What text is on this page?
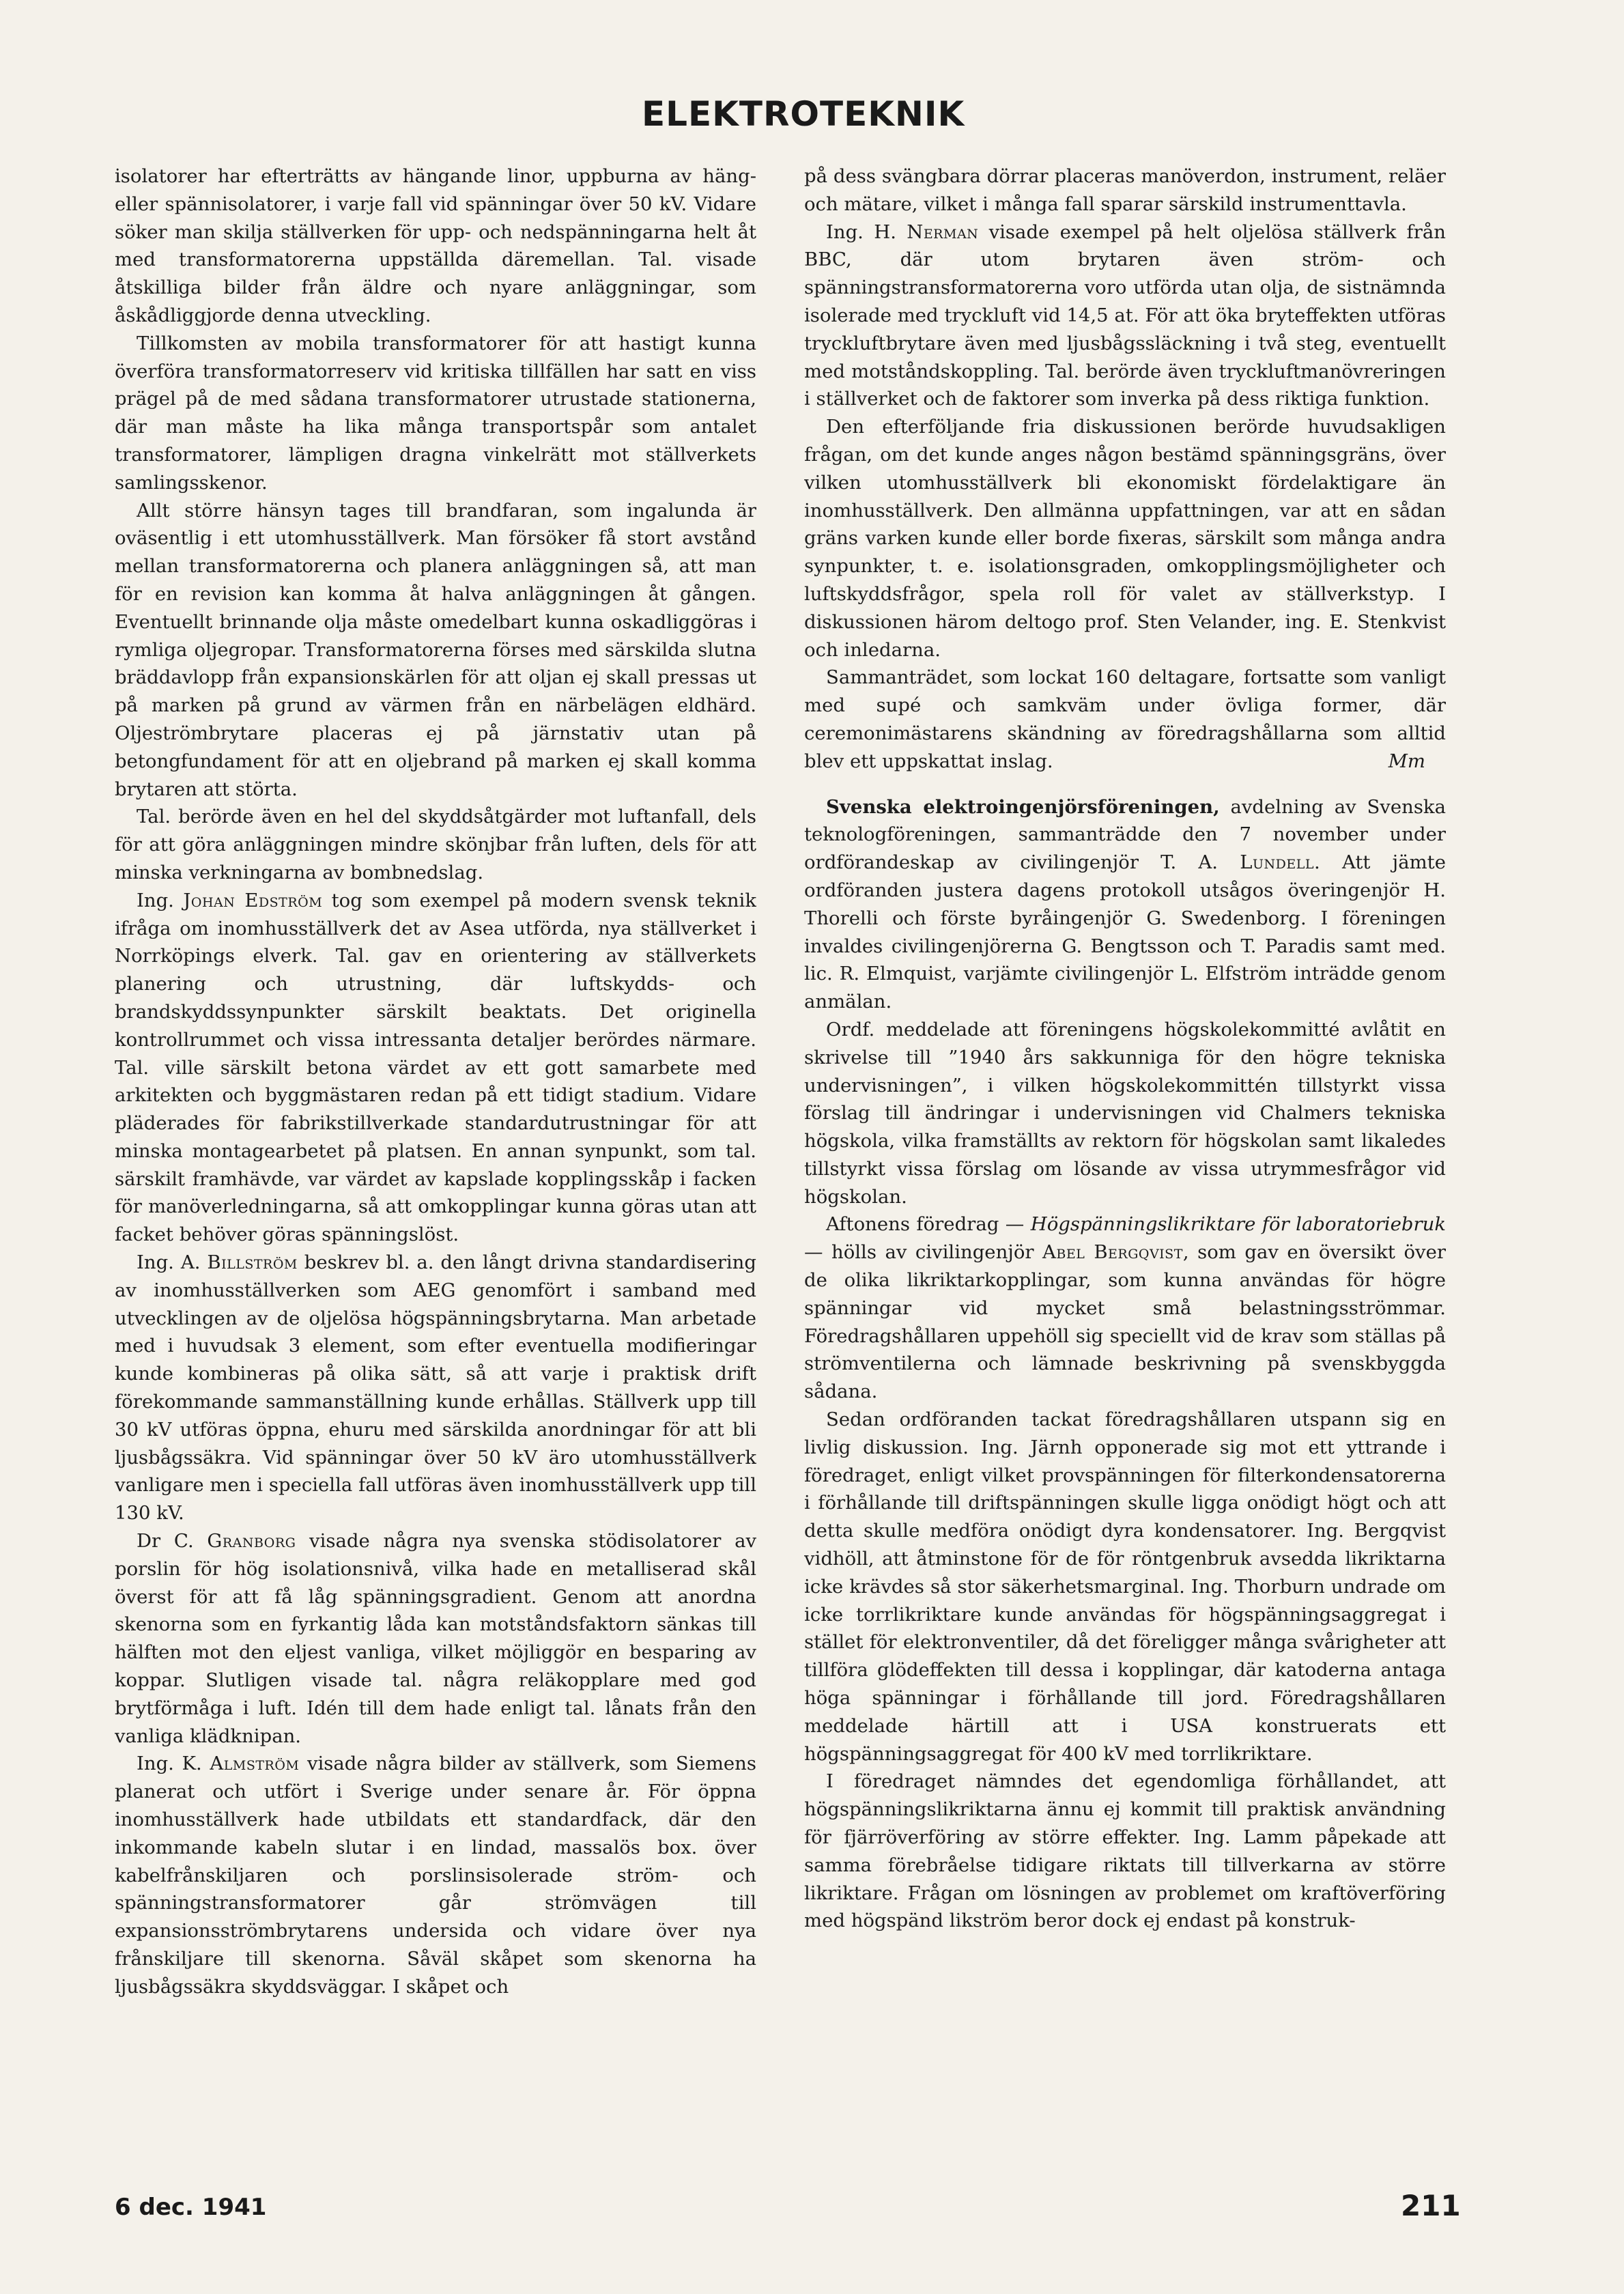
ELEKTROTEKNIK

isolatorer har efterträtts av hängande linor, uppburna av häng- eller spännisolatorer, i varje fall vid spänningar över 50 kV. Vidare söker man skilja ställverken för upp- och nedspänningarna helt åt med transformatorerna uppställda däremellan. Tal. visade åtskilliga bilder från äldre och nyare anläggningar, som åskådliggjorde denna utveckling.

Tillkomsten av mobila transformatorer för att hastigt kunna överföra transformatorreserv vid kritiska tillfällen har satt en viss prägel på de med sådana transformatorer utrustade stationerna, där man måste ha lika många transportspår som antalet transformatorer, lämpligen dragna vinkelrätt mot ställverkets samlingsskenor.

Allt större hänsyn tages till brandfaran, som ingalunda är oväsentlig i ett utomhusställverk. Man försöker få stort avstånd mellan transformatorerna och planera anläggningen så, att man för en revision kan komma åt halva anläggningen åt gången. Eventuellt brinnande olja måste omedelbart kunna oskadliggöras i rymliga oljegropar. Transformatorerna förses med särskilda slutna bräddavlopp från expansionskärlen för att oljan ej skall pressas ut på marken på grund av värmen från en närbelägen eldhärd. Oljeströmbrytare placeras ej på järnstativ utan på betongfundament för att en oljebrand på marken ej skall komma brytaren att störta.

Tal. berörde även en hel del skyddsåtgärder mot luftanfall, dels för att göra anläggningen mindre skönjbar från luften, dels för att minska verkningarna av bombnedslag.

Ing. Johan Edström tog som exempel på modern svensk teknik ifråga om inomhusställverk det av Asea utförda, nya ställverket i Norrköpings elverk. Tal. gav en orientering av ställverkets planering och utrustning, där luftskydds- och brandskyddssynpunkter särskilt beaktats. Det originella kontrollrummet och vissa intressanta detaljer berördes närmare. Tal. ville särskilt betona värdet av ett gott samarbete med arkitekten och byggmästaren redan på ett tidigt stadium. Vidare pläderades för fabrikstillverkade standardutrustningar för att minska montagearbetet på platsen. En annan synpunkt, som tal. särskilt framhävde, var värdet av kapslade kopplingsskåp i facken för manöverledningarna, så att omkopplingar kunna göras utan att facket behöver göras spänningslöst.

Ing. A. Billström beskrev bl. a. den långt drivna standardisering av inomhusställverken som AEG genomfört i samband med utvecklingen av de oljelösa högspänningsbrytarna. Man arbetade med i huvudsak 3 element, som efter eventuella modifieringar kunde kombineras på olika sätt, så att varje i praktisk drift förekommande sammanställning kunde erhållas. Ställverk upp till 30 kV utföras öppna, ehuru med särskilda anordningar för att bli ljusbågssäkra. Vid spänningar över 50 kV äro utomhusställverk vanligare men i speciella fall utföras även inomhusställverk upp till 130 kV.

Dr C. Granborg visade några nya svenska stödisolatorer av porslin för hög isolationsnivå, vilka hade en metalliserad skål överst för att få låg spänningsgradient. Genom att anordna skenorna som en fyrkantig låda kan motståndsfaktorn sänkas till hälften mot den eljest vanliga, vilket möjliggör en besparing av koppar. Slutligen visade tal. några reläkopplare med god brytförmåga i luft. Idén till dem hade enligt tal. lånats från den vanliga klädknipan.

Ing. K. Almström visade några bilder av ställverk, som Siemens planerat och utfört i Sverige under senare år. För öppna inomhusställverk hade utbildats ett standardfack, där den inkommande kabeln slutar i en lindad, massalös box. över kabelfrånskiljaren och porslinsisolerade ström- och spänningstransformatorer går strömvägen till expansionsströmbrytarens undersida och vidare över nya frånskiljare till skenorna. Såväl skåpet som skenorna ha ljusbågssäkra skyddsväggar. I skåpet och

på dess svängbara dörrar placeras manöverdon, instrument, reläer och mätare, vilket i många fall sparar särskild instrumenttavla.

Ing. H. Nerman visade exempel på helt oljelösa ställverk från BBC, där utom brytaren även ström- och spänningstransformatorerna voro utförda utan olja, de sistnämnda isolerade med tryckluft vid 14,5 at. För att öka bryteffekten utföras tryckluftbrytare även med ljusbågssläckning i två steg, eventuellt med motståndskoppling. Tal. berörde även tryckluftmanövreringen i ställverket och de faktorer som inverka på dess riktiga funktion.

Den efterföljande fria diskussionen berörde huvudsakligen frågan, om det kunde anges någon bestämd spänningsgräns, över vilken utomhusställverk bli ekonomiskt fördelaktigare än inomhusställverk. Den allmänna uppfattningen, var att en sådan gräns varken kunde eller borde fixeras, särskilt som många andra synpunkter, t. e. isolationsgraden, omkopplingsmöjligheter och luftskyddsfrågor, spela roll för valet av ställverkstyp. I diskussionen härom deltogo prof. Sten Velander, ing. E. Stenkvist och inledarna.

Sammanträdet, som lockat 160 deltagare, fortsatte som vanligt med supé och samkväm under övliga former, där ceremonimästarens skändning av föredragshållarna som alltid blev ett uppskattat inslag.	Mm

Svenska elektroingenjörsföreningen, avdelning av Svenska teknologföreningen, sammanträdde den 7 november under ordförandeskap av civilingenjör T. A. Lundell. Att jämte ordföranden justera dagens protokoll utsågos överingenjör H. Thorelli och förste byråingenjör G. Swedenborg. I föreningen invaldes civilingenjörerna G. Bengtsson och T. Paradis samt med. lic. R. Elmquist, varjämte civilingenjör L. Elfström inträdde genom anmälan.

Ordf. meddelade att föreningens högskolekommitté avlåtit en skrivelse till ”1940 års sakkunniga för den högre tekniska undervisningen”, i vilken högskolekommittén tillstyrkt vissa förslag till ändringar i undervisningen vid Chalmers tekniska högskola, vilka framställts av rektorn för högskolan samt likaledes tillstyrkt vissa förslag om lösande av vissa utrymmesfrågor vid högskolan.

Aftonens föredrag — Högspänningslikriktare för laboratoriebruk — hölls av civilingenjör Abel Bergqvist, som gav en översikt över de olika likriktarkopplingar, som kunna användas för högre spänningar vid mycket små belastningsströmmar. Föredragshållaren uppehöll sig speciellt vid de krav som ställas på strömventilerna och lämnade beskrivning på svenskbyggda sådana.

Sedan ordföranden tackat föredragshållaren utspann sig en livlig diskussion. Ing. Järnh opponerade sig mot ett yttrande i föredraget, enligt vilket provspänningen för filterkondensatorerna i förhållande till driftspänningen skulle ligga onödigt högt och att detta skulle medföra onödigt dyra kondensatorer. Ing. Bergqvist vidhöll, att åtminstone för de för röntgenbruk avsedda likriktarna icke krävdes så stor säkerhetsmarginal. Ing. Thorburn undrade om icke torrlikriktare kunde användas för högspänningsaggregat i stället för elektronventiler, då det föreligger många svårigheter att tillföra glödeffekten till dessa i kopplingar, där katoderna antaga höga spänningar i förhållande till jord. Föredragshållaren meddelade härtill att i USA konstruerats ett högspänningsaggregat för 400 kV med torrlikriktare.

I föredraget nämndes det egendomliga förhållandet, att högspänningslikriktarna ännu ej kommit till praktisk användning för fjärröverföring av större effekter. Ing. Lamm påpekade att samma förebråelse tidigare riktats till tillverkarna av större likriktare. Frågan om lösningen av problemet om kraftöverföring med högspänd likström beror dock ej endast på konstruk-

6 dec. 1941	211
